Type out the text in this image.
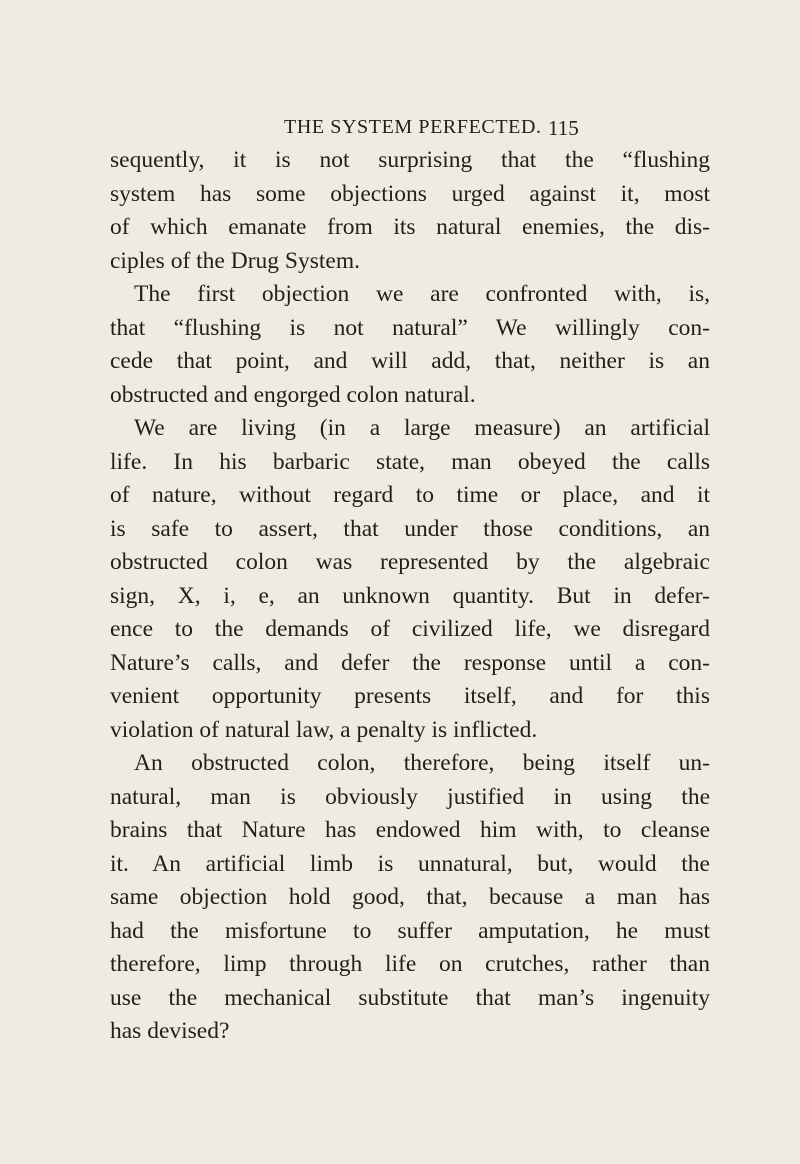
THE SYSTEM PERFECTED. 115
sequently, it is not surprising that the “flushing
system has some objections urged against it, most
of which emanate from its natural enemies, the dis-
ciples of the Drug System.
The first objection we are confronted with, is,
that “flushing is not natural” We willingly con-
cede that point, and will add, that, neither is an
obstructed and engorged colon natural.
We are living (in a large measure) an artificial
life. In his barbaric state, man obeyed the calls
of nature, without regard to time or place, and it
is safe to assert, that under those conditions, an
obstructed colon was represented by the algebraic
sign, X, i, e, an unknown quantity. But in defer-
ence to the demands of civilized life, we disregard
Nature’s calls, and defer the response until a con-
venient opportunity presents itself, and for this
violation of natural law, a penalty is inflicted.
An obstructed colon, therefore, being itself un-
natural, man is obviously justified in using the
brains that Nature has endowed him with, to cleanse
it. An artificial limb is unnatural, but, would the
same objection hold good, that, because a man has
had the misfortune to suffer amputation, he must
therefore, limp through life on crutches, rather than
use the mechanical substitute that man’s ingenuity
has devised?
